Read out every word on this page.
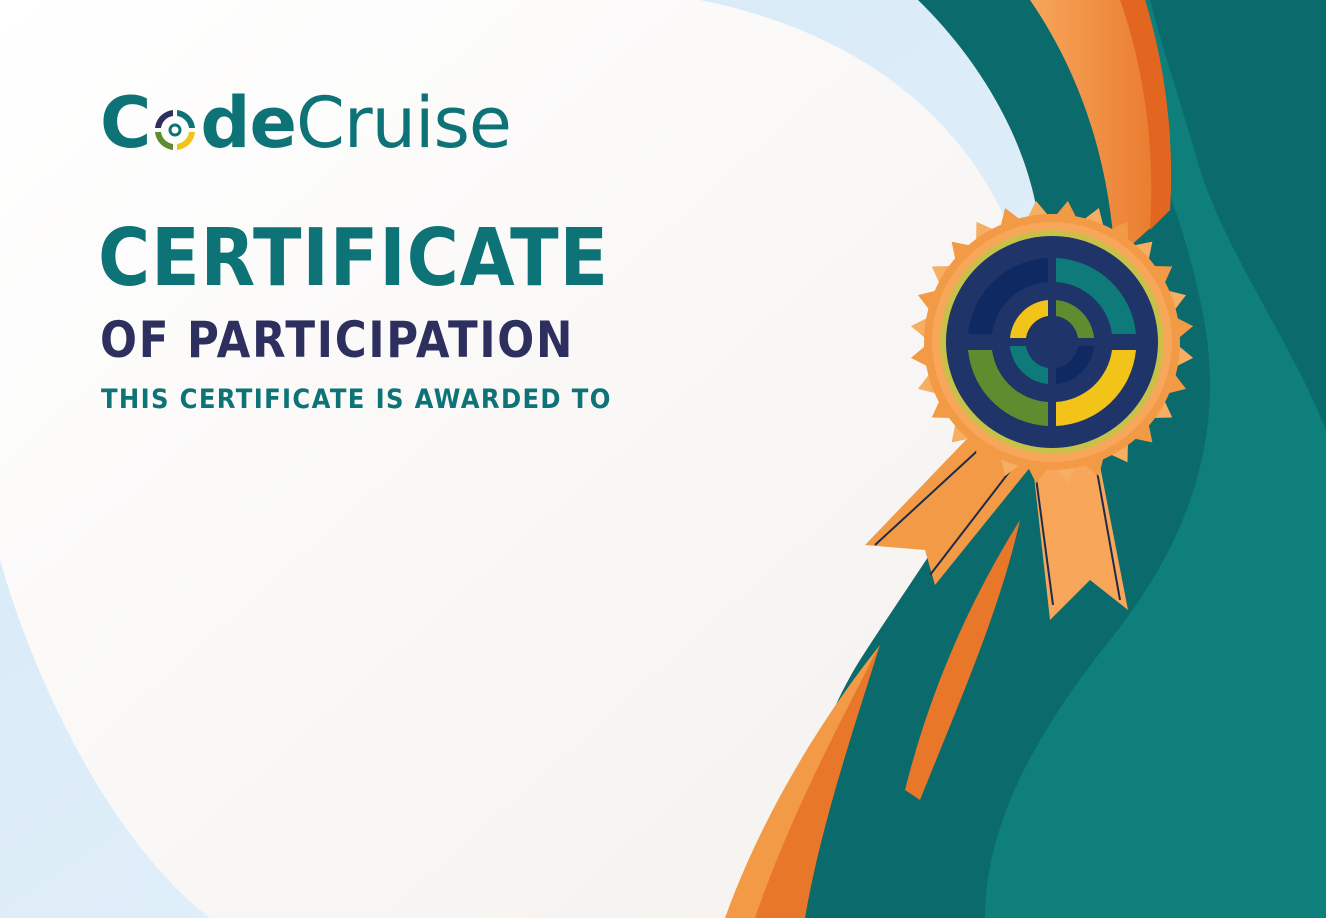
C de Cruise
CERTIFICATE
OF PARTICIPATION
THIS CERTIFICATE IS AWARDED TO
